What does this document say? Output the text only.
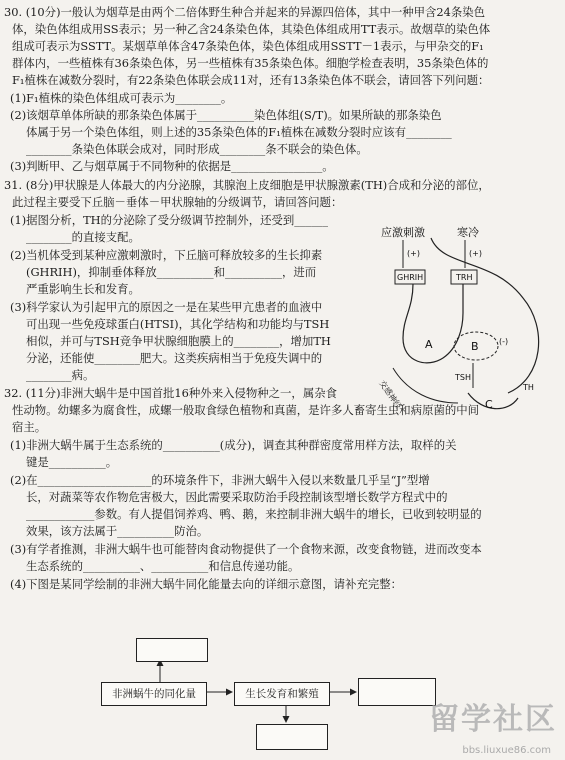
30. (10分)一般认为烟草是由两个二倍体野生种合并起来的异源四倍体，其中一种甲含24条染色
体，染色体组成用SS表示；另一种乙含24条染色体，其染色体组成用TT表示。故烟草的染色体
组成可表示为SSTT。某烟草单体含47条染色体，染色体组成用SSTT－1表示，与甲杂交的F₁
群体内，一些植株有36条染色体，另一些植株有35条染色体。细胞学检查表明，35条染色体的
F₁植株在减数分裂时，有22条染色体联会成11对，还有13条染色体不联会，请回答下列问题：
(1)F₁植株的染色体组成可表示为________。
(2)该烟草单体所缺的那条染色体属于__________染色体组(S/T)。如果所缺的那条染色
体属于另一个染色体组，则上述的35条染色体的F₁植株在减数分裂时应该有________
________条染色体联会成对，同时形成________条不联会的染色体。
(3)判断甲、乙与烟草属于不同物种的依据是________________。
31. (8分)甲状腺是人体最大的内分泌腺，其腺泡上皮细胞是甲状腺激素(TH)合成和分泌的部位，
此过程主要受下丘脑－垂体－甲状腺轴的分级调节，请回答问题：
(1)据图分析，TH的分泌除了受分级调节控制外，还受到______
________的直接支配。
(2)当机体受到某种应激刺激时，下丘脑可释放较多的生长抑素
(GHRIH)，抑制垂体释放__________和__________，进而
严重影响生长和发育。
(3)科学家认为引起甲亢的原因之一是在某些甲亢患者的血液中
可出现一些免疫球蛋白(HTSI)，其化学结构和功能均与TSH
相似，并可与TSH竞争甲状腺细胞膜上的________，增加TH
分泌，还能使________肥大。这类疾病相当于免疫失调中的
________病。
应激刺激	寒冷
(+)	(+)
GHRIH	TRH
A	B	(-)
TSH
C
TH
交感神经
32. (11分)非洲大蜗牛是中国首批16种外来入侵物种之一，属杂食
性动物。幼螺多为腐食性，成螺一般取食绿色植物和真菌，是许多人畜寄生虫和病原菌的中间
宿主。
(1)非洲大蜗牛属于生态系统的__________(成分)，调查其种群密度常用样方法，取样的关
键是__________。
(2)在____________________的环境条件下，非洲大蜗牛入侵以来数量几乎呈“J”型增
长，对蔬菜等农作物危害极大，因此需要采取防治手段控制该型增长数学方程式中的
____________参数。有人提倡饲养鸡、鸭、鹅，来控制非洲大蜗牛的增长，已收到较明显的
效果，该方法属于__________防治。
(3)有学者推测，非洲大蜗牛也可能替肉食动物提供了一个食物来源，改变食物链，进而改变本
生态系统的__________、__________和信息传递功能。
(4)下图是某同学绘制的非洲大蜗牛同化能量去向的详细示意图，请补充完整：
非洲蜗牛的同化量	生长发育和繁殖
留学社区
bbs.liuxue86.com
